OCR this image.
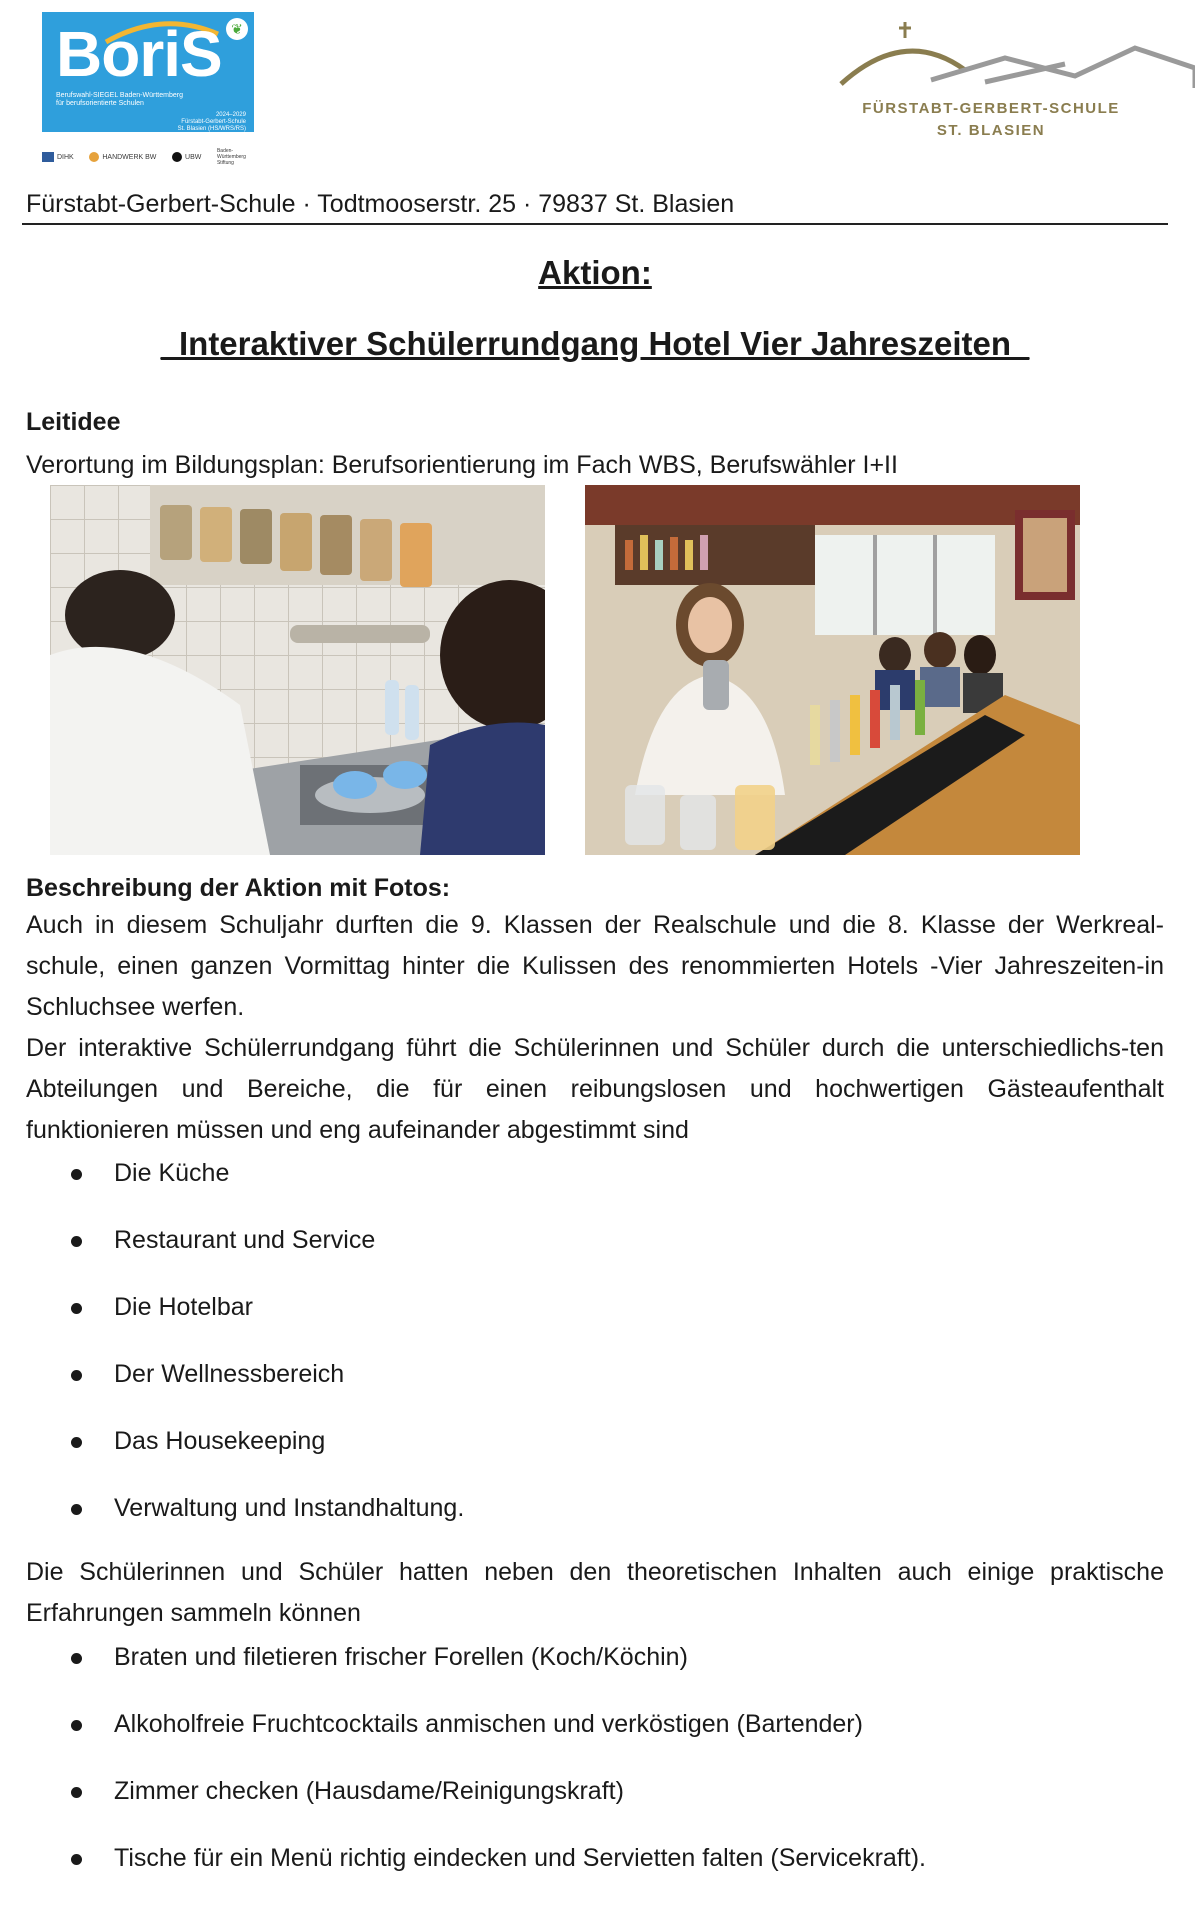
BoriS ❦
Berufswahl-SIEGEL Baden-Württemberg
für berufsorientierte Schulen
2024–2029
Fürstabt-Gerbert-Schule
St. Blasien (HS/WRS/RS)
DIHK	HANDWERK BW	UBW
Baden-Württemberg Stiftung
FÜRSTABT-GERBERT-SCHULE
ST. BLASIEN
Fürstabt-Gerbert-Schule · Todtmooserstr. 25 · 79837 St. Blasien
Aktion:
_Interaktiver Schülerrundgang Hotel Vier Jahreszeiten_
Leitidee
Verortung im Bildungsplan: Berufsorientierung im Fach WBS, Berufswähler I+II
Beschreibung der Aktion mit Fotos:
Auch in diesem Schuljahr durften die 9. Klassen der Realschule und die 8. Klasse der Werkreal-schule, einen ganzen Vormittag hinter die Kulissen des renommierten Hotels -Vier Jahreszeiten-in Schluchsee werfen.
Der interaktive Schülerrundgang führt die Schülerinnen und Schüler durch die unterschiedlichs-ten Abteilungen und Bereiche, die für einen reibungslosen und hochwertigen Gästeaufenthalt funktionieren müssen und eng aufeinander abgestimmt sind
Die Küche
Restaurant und Service
Die Hotelbar
Der Wellnessbereich
Das Housekeeping
Verwaltung und Instandhaltung.
Die Schülerinnen und Schüler hatten neben den theoretischen Inhalten auch einige praktische Erfahrungen sammeln können
Braten und filetieren frischer Forellen (Koch/Köchin)
Alkoholfreie Fruchtcocktails anmischen und verköstigen (Bartender)
Zimmer checken (Hausdame/Reinigungskraft)
Tische für ein Menü richtig eindecken und Servietten falten (Servicekraft).
